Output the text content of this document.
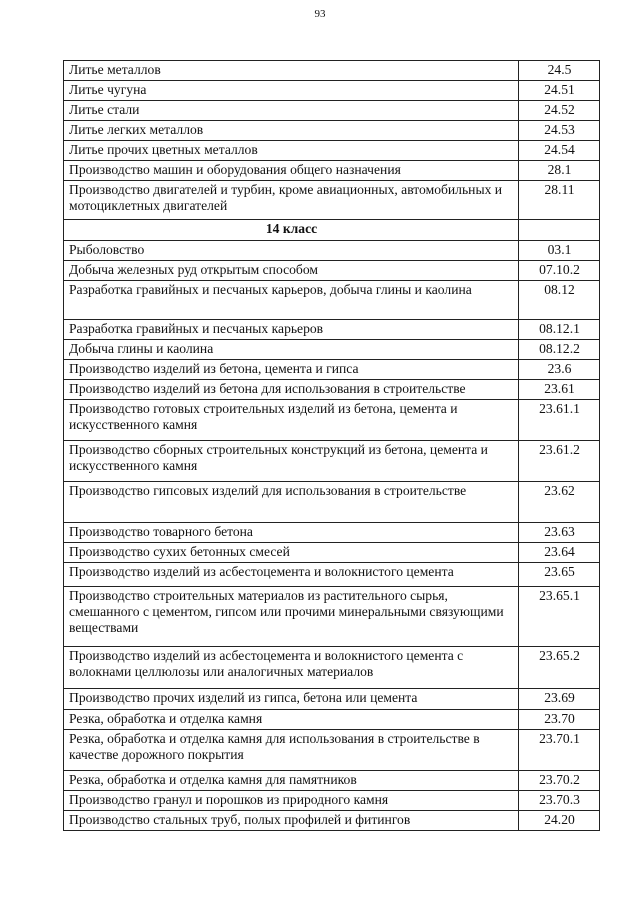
93
Литье металлов	24.5
Литье чугуна	24.51
Литье стали	24.52
Литье легких металлов	24.53
Литье прочих цветных металлов	24.54
Производство машин и оборудования общего назначения	28.1
Производство двигателей и турбин, кроме авиационных, автомобильных и мотоциклетных двигателей	28.11
14 класс	
Рыболовство	03.1
Добыча железных руд открытым способом	07.10.2
Разработка гравийных и песчаных карьеров, добыча глины и каолина	08.12
Разработка гравийных и песчаных карьеров	08.12.1
Добыча глины и каолина	08.12.2
Производство изделий из бетона, цемента и гипса	23.6
Производство изделий из бетона для использования в строительстве	23.61
Производство готовых строительных изделий из бетона, цемента и искусственного камня	23.61.1
Производство сборных строительных конструкций из бетона, цемента и искусственного камня	23.61.2
Производство гипсовых изделий для использования в строительстве	23.62
Производство товарного бетона	23.63
Производство сухих бетонных смесей	23.64
Производство изделий из асбестоцемента и волокнистого цемента	23.65
Производство строительных материалов из растительного сырья, смешанного с цементом, гипсом или прочими минеральными связующими веществами	23.65.1
Производство изделий из асбестоцемента и волокнистого цемента с волокнами целлюлозы или аналогичных материалов	23.65.2
Производство прочих изделий из гипса, бетона или цемента	23.69
Резка, обработка и отделка камня	23.70
Резка, обработка и отделка камня для использования в строительстве в качестве дорожного покрытия	23.70.1
Резка, обработка и отделка камня для памятников	23.70.2
Производство гранул и порошков из природного камня	23.70.3
Производство стальных труб, полых профилей и фитингов	24.20
